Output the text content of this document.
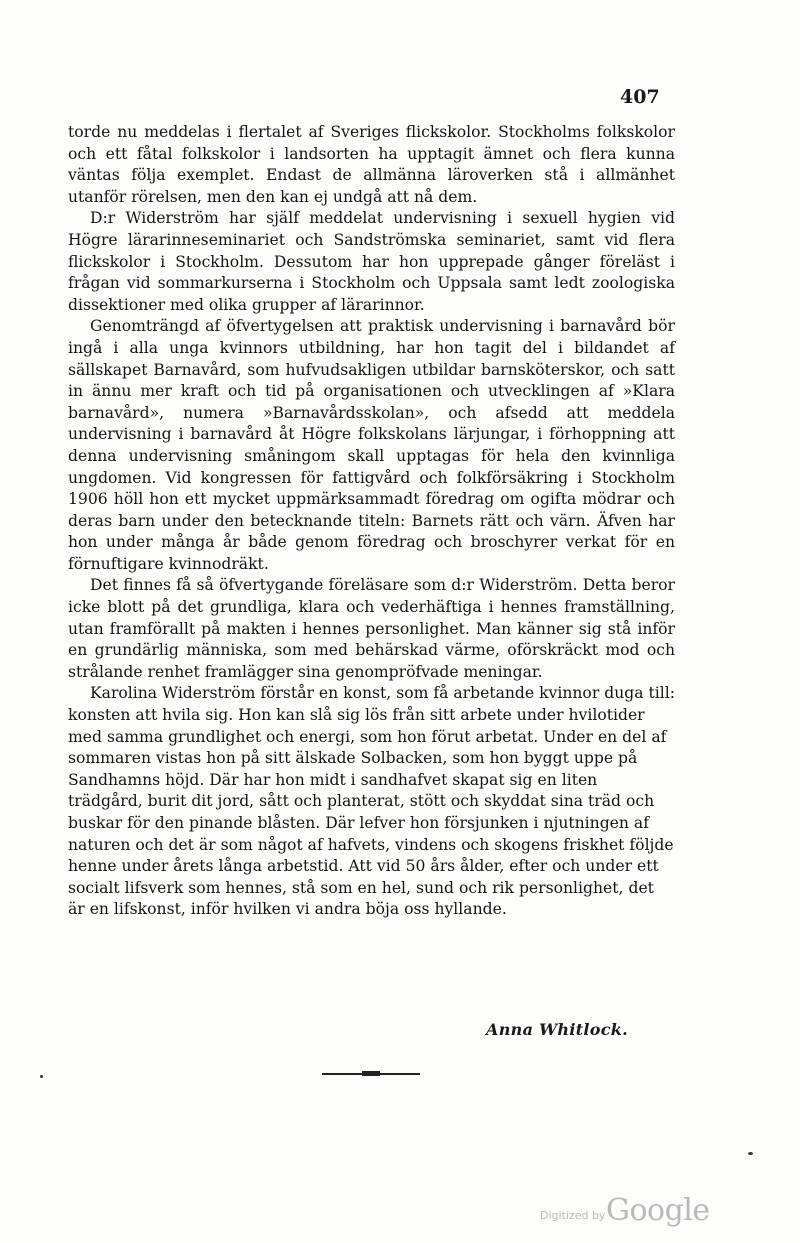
407

torde nu meddelas i flertalet af Sveriges flickskolor. Stockholms folkskolor och ett fåtal folkskolor i landsorten ha upptagit ämnet och flera kunna väntas följa exemplet. Endast de allmänna läroverken stå i allmänhet utanför rörelsen, men den kan ej undgå att nå dem.

D:r Widerström har själf meddelat undervisning i sexuell hygien vid Högre lärarinneseminariet och Sandströmska seminariet, samt vid flera flickskolor i Stockholm. Dessutom har hon upprepade gånger föreläst i frågan vid sommarkurserna i Stockholm och Uppsala samt ledt zoologiska dissektioner med olika grupper af lärarinnor.

Genomträngd af öfvertygelsen att praktisk undervisning i barnavård bör ingå i alla unga kvinnors utbildning, har hon tagit del i bildandet af sällskapet Barnavård, som hufvudsakligen utbildar barnsköterskor, och satt in ännu mer kraft och tid på organisationen och utvecklingen af »Klara barnavård», numera »Barnavårdsskolan», och afsedd att meddela undervisning i barnavård åt Högre folkskolans lärjungar, i förhoppning att denna undervisning småningom skall upptagas för hela den kvinnliga ungdomen. Vid kongressen för fattigvård och folkförsäkring i Stockholm 1906 höll hon ett mycket uppmärksammadt föredrag om ogifta mödrar och deras barn under den betecknande titeln: Barnets rätt och värn. Äfven har hon under många år både genom föredrag och broschyrer verkat för en förnuftigare kvinnodräkt.

Det finnes få så öfvertygande föreläsare som d:r Widerström. Detta beror icke blott på det grundliga, klara och vederhäftiga i hennes framställning, utan framförallt på makten i hennes personlighet. Man känner sig stå inför en grundärlig människa, som med behärskad värme, oförskräckt mod och strålande renhet framlägger sina genompröfvade meningar.

Karolina Widerström förstår en konst, som få arbetande kvinnor duga till: konsten att hvila sig. Hon kan slå sig lös från sitt arbete under hvilotider med samma grundlighet och energi, som hon förut arbetat. Under en del af sommaren vistas hon på sitt älskade Solbacken, som hon byggt uppe på Sandhamns höjd. Där har hon midt i sandhafvet skapat sig en liten trädgård, burit dit jord, sått och planterat, stött och skyddat sina träd och buskar för den pinande blåsten. Där lefver hon försjunken i njutningen af naturen och det är som något af hafvets, vindens och skogens friskhet följde henne under årets långa arbetstid. Att vid 50 års ålder, efter och under ett socialt lifsverk som hennes, stå som en hel, sund och rik personlighet, det är en lifskonst, inför hvilken vi andra böja oss hyllande.

Anna Whitlock.
Digitized by Google
